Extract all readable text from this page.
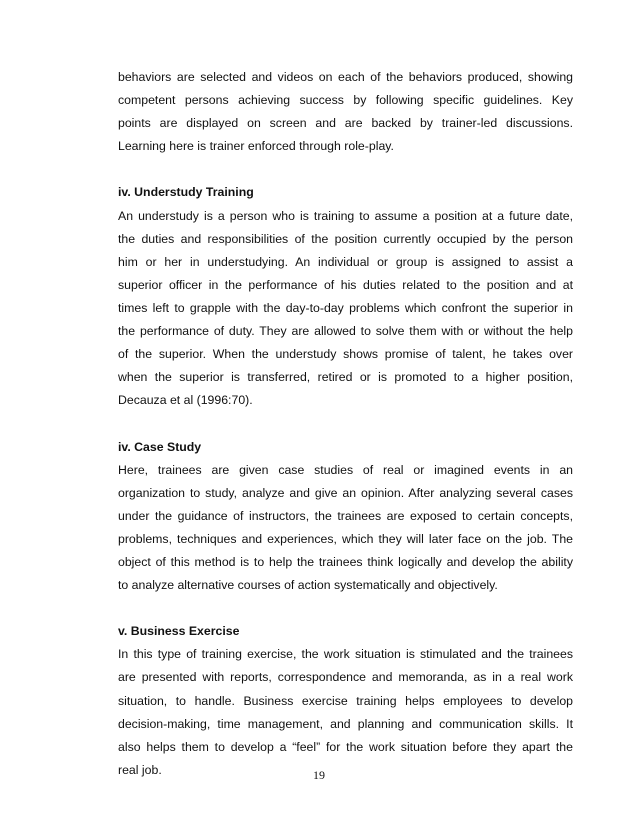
behaviors are selected and videos on each of the behaviors produced, showing
competent persons achieving success by following specific guidelines. Key
points are displayed on screen and are backed by trainer-led discussions.
Learning here is trainer enforced through role-play.
iv. Understudy Training
An understudy is a person who is training to assume a position at a future date,
the duties and responsibilities of the position currently occupied by the person
him or her in understudying. An individual or group is assigned to assist a
superior officer in the performance of his duties related to the position and at
times left to grapple with the day-to-day problems which confront the superior in
the performance of duty. They are allowed to solve them with or without the help
of the superior. When the understudy shows promise of talent, he takes over
when the superior is transferred, retired or is promoted to a higher position,
Decauza et al (1996:70).
iv. Case Study
Here, trainees are given case studies of real or imagined events in an
organization to study, analyze and give an opinion. After analyzing several cases
under the guidance of instructors, the trainees are exposed to certain concepts,
problems, techniques and experiences, which they will later face on the job. The
object of this method is to help the trainees think logically and develop the ability
to analyze alternative courses of action systematically and objectively.
v. Business Exercise
In this type of training exercise, the work situation is stimulated and the trainees
are presented with reports, correspondence and memoranda, as in a real work
situation, to handle. Business exercise training helps employees to develop
decision-making, time management, and planning and communication skills. It
also helps them to develop a “feel” for the work situation before they apart the
real job.	19
